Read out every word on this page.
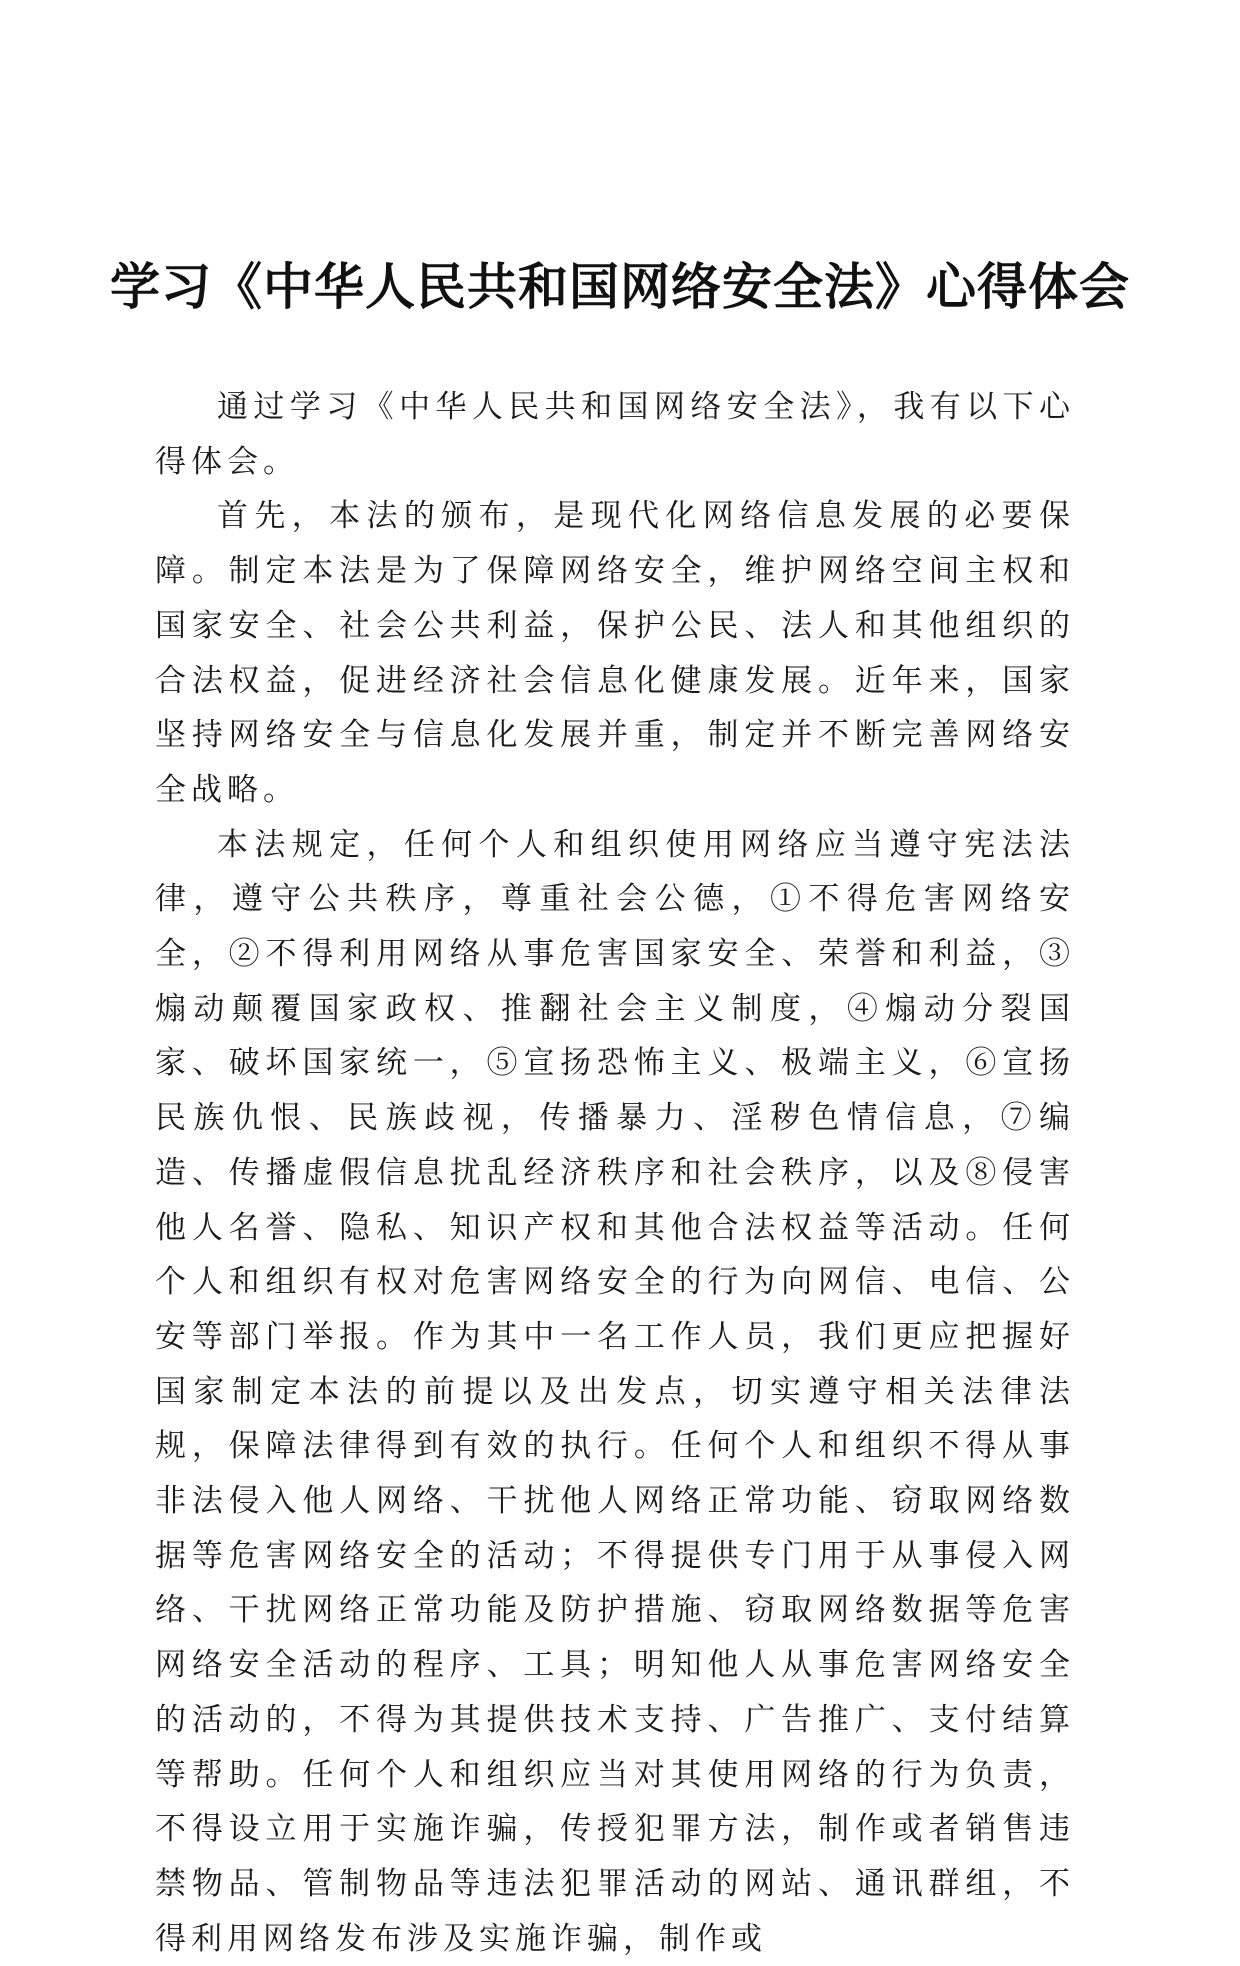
学习《中华人民共和国网络安全法》心得体会

通过学习《中华人民共和国网络安全法》，我有以下心得体会。

首先，本法的颁布，是现代化网络信息发展的必要保障。制定本法是为了保障网络安全，维护网络空间主权和国家安全、社会公共利益，保护公民、法人和其他组织的合法权益，促进经济社会信息化健康发展。近年来，国家坚持网络安全与信息化发展并重，制定并不断完善网络安全战略。

本法规定，任何个人和组织使用网络应当遵守宪法法律，遵守公共秩序，尊重社会公德，①不得危害网络安全，②不得利用网络从事危害国家安全、荣誉和利益，③煽动颠覆国家政权、推翻社会主义制度，④煽动分裂国家、破坏国家统一，⑤宣扬恐怖主义、极端主义，⑥宣扬民族仇恨、民族歧视，传播暴力、淫秽色情信息，⑦编造、传播虚假信息扰乱经济秩序和社会秩序，以及⑧侵害他人名誉、隐私、知识产权和其他合法权益等活动。任何个人和组织有权对危害网络安全的行为向网信、电信、公安等部门举报。作为其中一名工作人员，我们更应把握好国家制定本法的前提以及出发点，切实遵守相关法律法规，保障法律得到有效的执行。任何个人和组织不得从事非法侵入他人网络、干扰他人网络正常功能、窃取网络数据等危害网络安全的活动；不得提供专门用于从事侵入网络、干扰网络正常功能及防护措施、窃取网络数据等危害网络安全活动的程序、工具；明知他人从事危害网络安全的活动的，不得为其提供技术支持、广告推广、支付结算等帮助。任何个人和组织应当对其使用网络的行为负责，不得设立用于实施诈骗，传授犯罪方法，制作或者销售违禁物品、管制物品等违法犯罪活动的网站、通讯群组，不得利用网络发布涉及实施诈骗，制作或
